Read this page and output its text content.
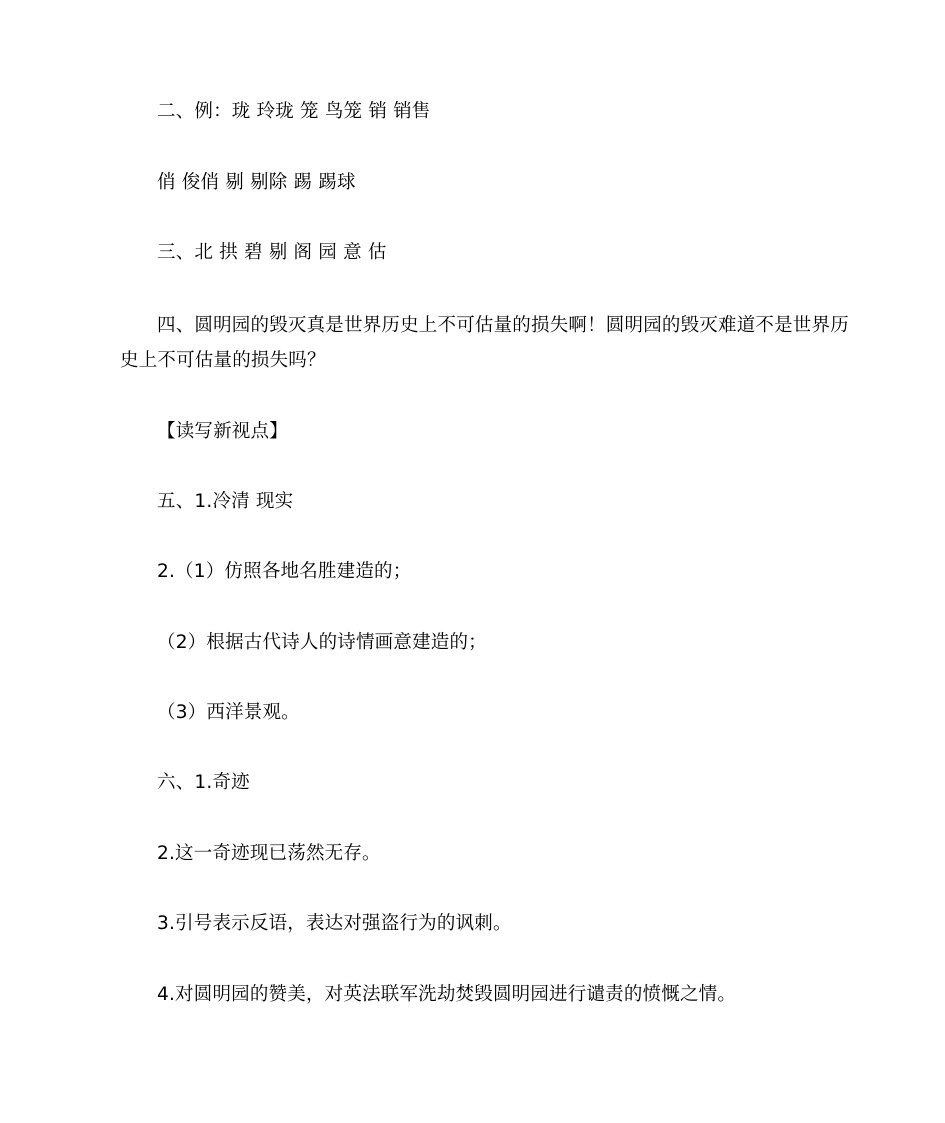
二、例：珑 玲珑 笼 鸟笼 销 销售
俏 俊俏 剔 剔除 踢 踢球
三、北 拱 碧 剔 阁 园 意 估
四、圆明园的毁灭真是世界历史上不可估量的损失啊！圆明园的毁灭难道不是世界历
史上不可估量的损失吗？
【读写新视点】
五、1.冷清 现实
2.（1）仿照各地名胜建造的；
（2）根据古代诗人的诗情画意建造的；
（3）西洋景观。
六、1.奇迹
2.这一奇迹现已荡然无存。
3.引号表示反语，表达对强盗行为的讽刺。
4.对圆明园的赞美，对英法联军洗劫焚毁圆明园进行谴责的愤慨之情。
